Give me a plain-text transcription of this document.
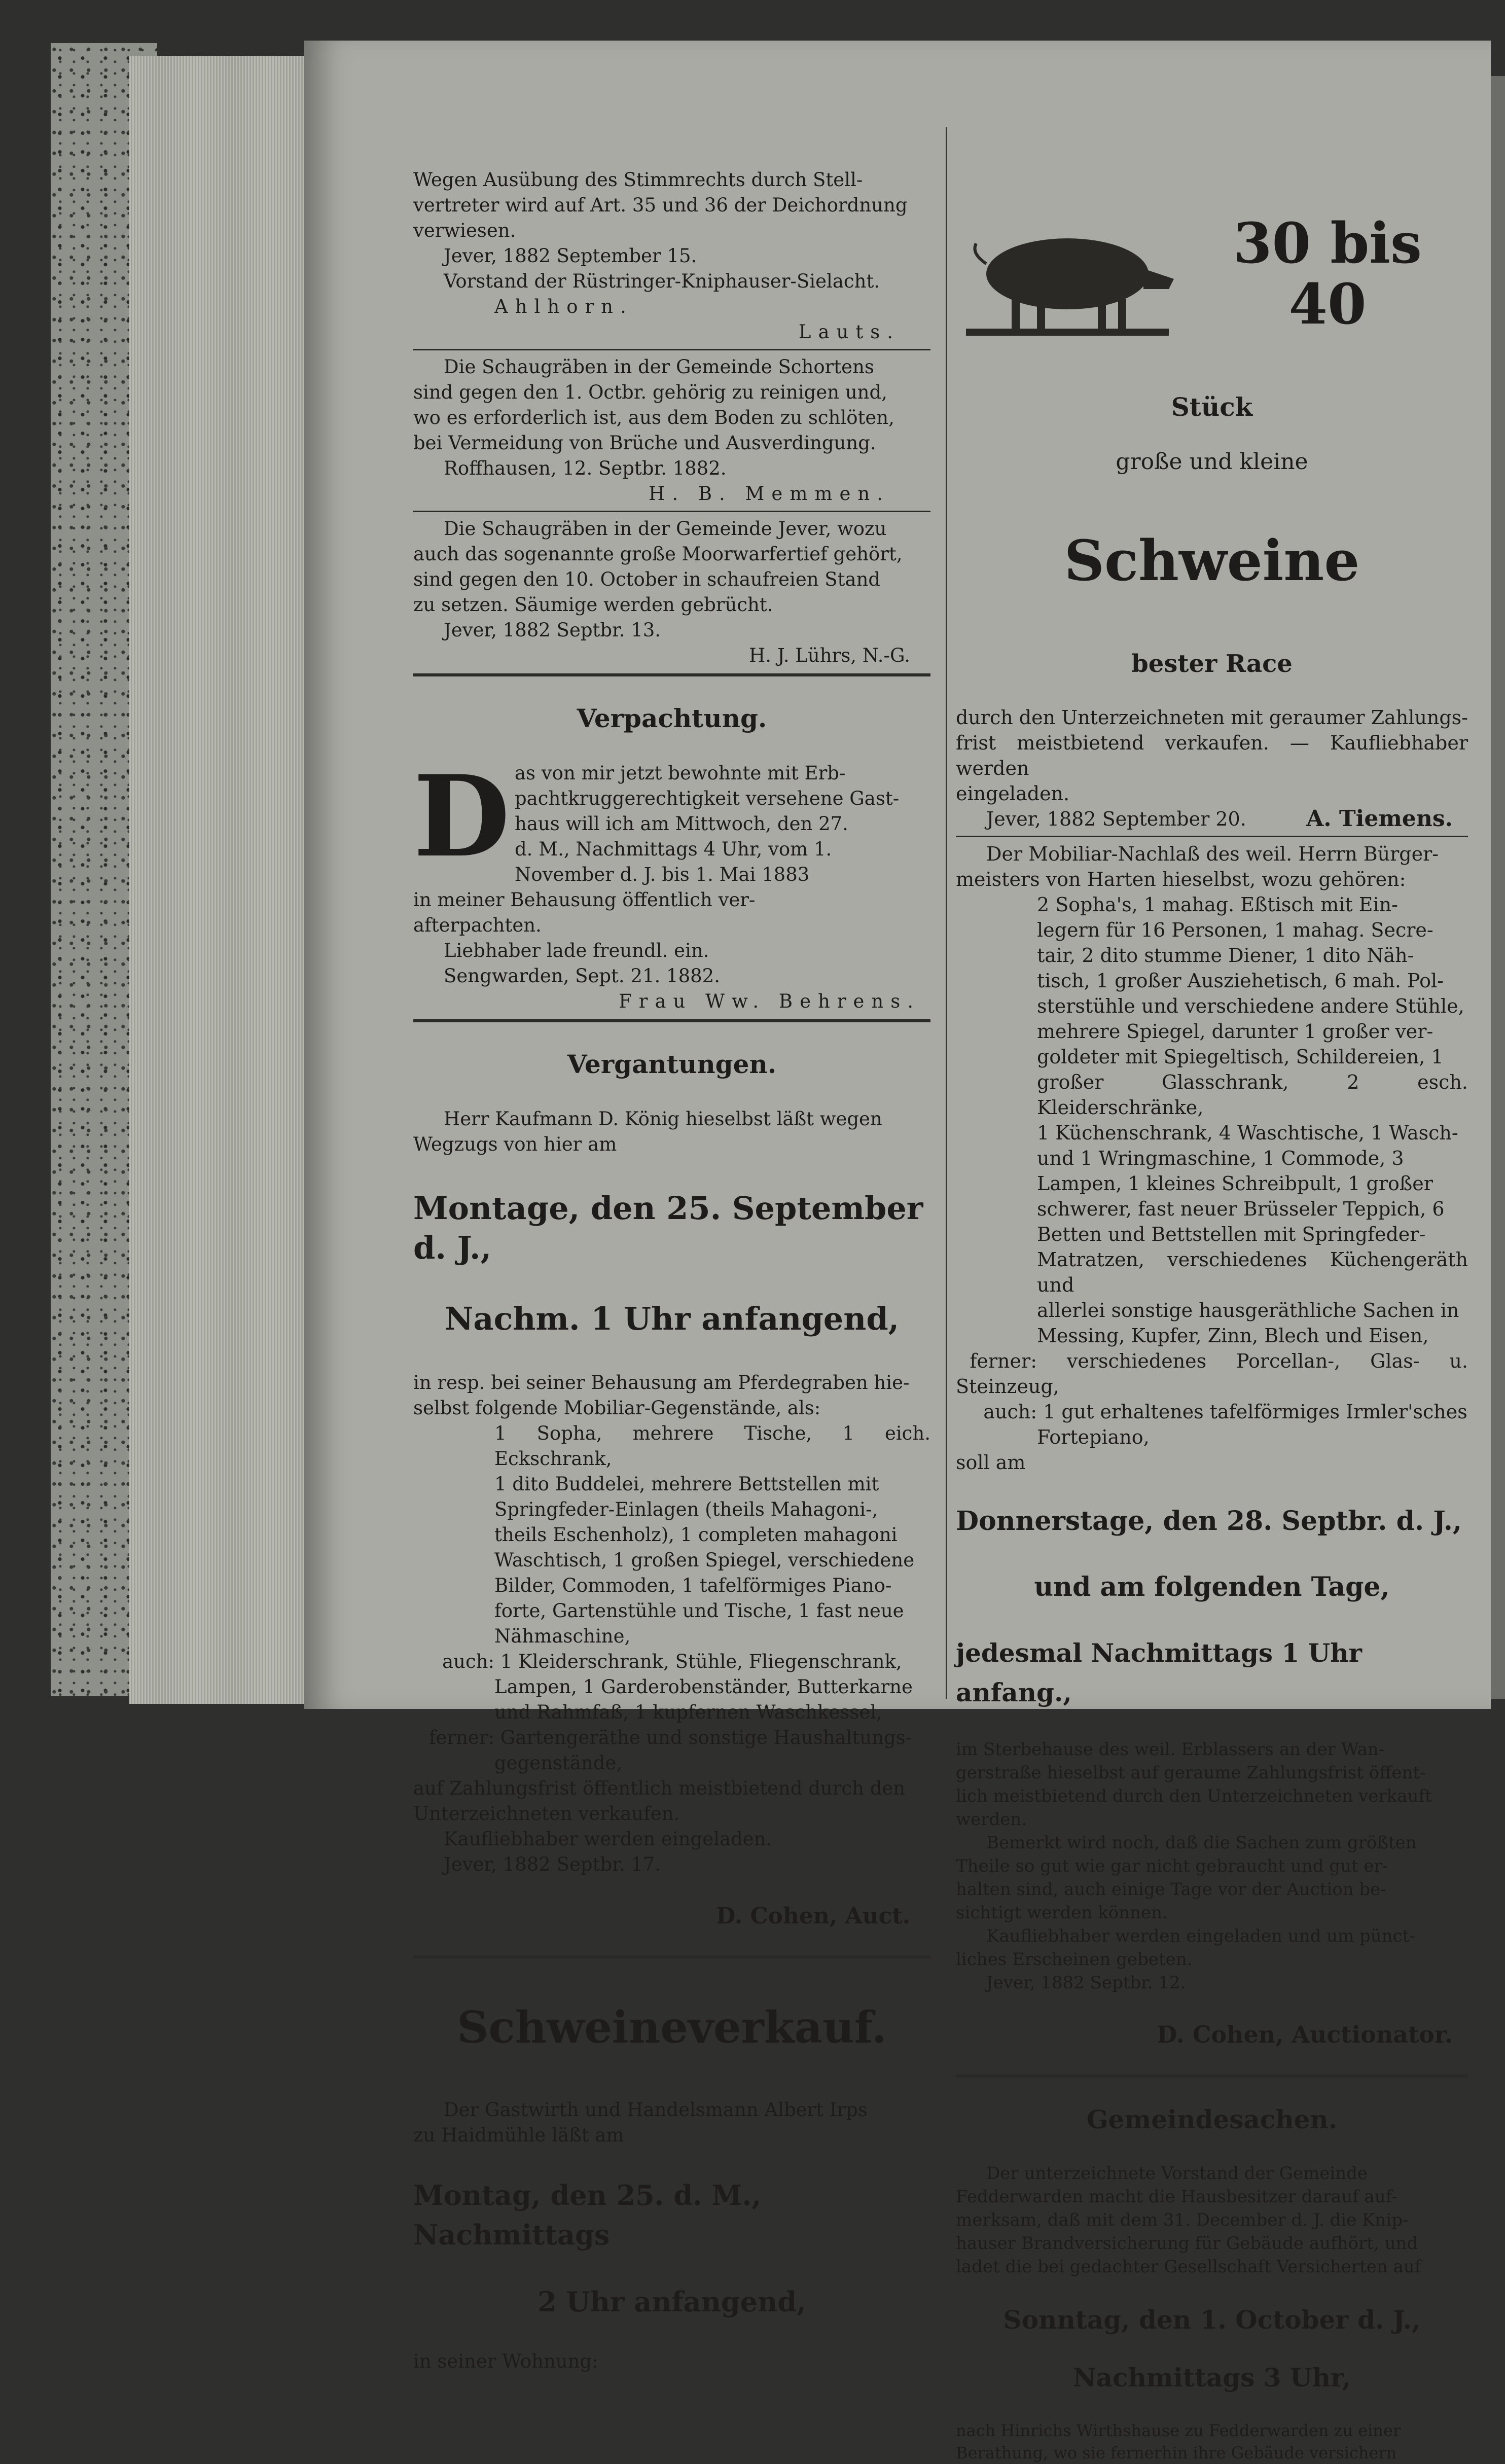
Wegen Ausübung des Stimmrechts durch Stell-

vertreter wird auf Art. 35 und 36 der Deichordnung

verwiesen.

Jever, 1882 September 15.

Vorstand der Rüstringer-Kniphauser-Sielacht.

Ahlhorn.

Lauts.

Die Schaugräben in der Gemeinde Schortens

sind gegen den 1. Octbr. gehörig zu reinigen und,

wo es erforderlich ist, aus dem Boden zu schlöten,

bei Vermeidung von Brüche und Ausverdingung.

Roffhausen, 12. Septbr. 1882.

H. B. Memmen.

Die Schaugräben in der Gemeinde Jever, wozu

auch das sogenannte große Moorwarfertief gehört,

sind gegen den 10. October in schaufreien Stand

zu setzen. Säumige werden gebrücht.

Jever, 1882 Septbr. 13.

H. J. Lührs, N.-G.

Verpachtung.

D as von mir jetzt bewohnte mit Erb-

pachtkruggerechtigkeit versehene Gast-

haus will ich am Mittwoch, den 27.

d. M., Nachmittags 4 Uhr, vom 1.

November d. J. bis 1. Mai 1883

in meiner Behausung öffentlich ver-

afterpachten.

Liebhaber lade freundl. ein.

Sengwarden, Sept. 21. 1882.

Frau Ww. Behrens.

Vergantungen.

Herr Kaufmann D. König hieselbst läßt wegen

Wegzugs von hier am

Montage, den 25. September d. J.,

Nachm. 1 Uhr anfangend,

in resp. bei seiner Behausung am Pferdegraben hie-

selbst folgende Mobiliar-Gegenstände, als:

1 Sopha, mehrere Tische, 1 eich. Eckschrank,

1 dito Buddelei, mehrere Bettstellen mit

Springfeder-Einlagen (theils Mahagoni-,

theils Eschenholz), 1 completen mahagoni

Waschtisch, 1 großen Spiegel, verschiedene

Bilder, Commoden, 1 tafelförmiges Piano-

forte, Gartenstühle und Tische, 1 fast neue

Nähmaschine,

auch: 1 Kleiderschrank, Stühle, Fliegenschrank,

Lampen, 1 Garderobenständer, Butterkarne

und Rahmfaß, 1 kupfernen Waschkessel,

ferner: Gartengeräthe und sonstige Haushaltungs-

gegenstände,

auf Zahlungsfrist öffentlich meistbietend durch den

Unterzeichneten verkaufen.

Kaufliebhaber werden eingeladen.

Jever, 1882 Septbr. 17.

D. Cohen, Auct.

Schweineverkauf.

Der Gastwirth und Handelsmann Albert Irps

zu Haidmühle läßt am

Montag, den 25. d. M., Nachmittags

2 Uhr anfangend,

in seiner Wohnung:

30 bis 40

Stück

große und kleine

Schweine

bester Race

durch den Unterzeichneten mit geraumer Zahlungs-

frist meistbietend verkaufen. — Kaufliebhaber werden

eingeladen.

Jever, 1882 September 20.	A. Tiemens.

Der Mobiliar-Nachlaß des weil. Herrn Bürger-

meisters von Harten hieselbst, wozu gehören:

2 Sopha's, 1 mahag. Eßtisch mit Ein-

legern für 16 Personen, 1 mahag. Secre-

tair, 2 dito stumme Diener, 1 dito Näh-

tisch, 1 großer Ausziehetisch, 6 mah. Pol-

sterstühle und verschiedene andere Stühle,

mehrere Spiegel, darunter 1 großer ver-

goldeter mit Spiegeltisch, Schildereien, 1

großer Glasschrank, 2 esch. Kleiderschränke,

1 Küchenschrank, 4 Waschtische, 1 Wasch-

und 1 Wringmaschine, 1 Commode, 3

Lampen, 1 kleines Schreibpult, 1 großer

schwerer, fast neuer Brüsseler Teppich, 6

Betten und Bettstellen mit Springfeder-

Matratzen, verschiedenes Küchengeräth und

allerlei sonstige hausgeräthliche Sachen in

Messing, Kupfer, Zinn, Blech und Eisen,

ferner: verschiedenes Porcellan-, Glas- u. Steinzeug,

auch: 1 gut erhaltenes tafelförmiges Irmler'sches

Fortepiano,

soll am

Donnerstage, den 28. Septbr. d. J.,

und am folgenden Tage,

jedesmal Nachmittags 1 Uhr anfang.,

im Sterbehause des weil. Erblassers an der Wan-

gerstraße hieselbst auf geraume Zahlungsfrist öffent-

lich meistbietend durch den Unterzeichneten verkauft

werden.

Bemerkt wird noch, daß die Sachen zum größten

Theile so gut wie gar nicht gebraucht und gut er-

halten sind, auch einige Tage vor der Auction be-

sichtigt werden können.

Kaufliebhaber werden eingeladen und um pünct-

liches Erscheinen gebeten.

Jever, 1882 Septbr. 12.

D. Cohen, Auctionator.

Gemeindesachen.

Der unterzeichnete Vorstand der Gemeinde

Fedderwarden macht die Hausbesitzer darauf auf-

merksam, daß mit dem 31. December d. J. die Knip-

hauser Brandversicherung für Gebäude aufhört, und

ladet die bei gedachter Gesellschaft Versicherten auf

Sonntag, den 1. October d. J.,

Nachmittags 3 Uhr,

nach Hinrichs Wirthshause zu Fedderwarden zu einer

Berathung, wo sie fernerhin ihre Gebäude versichern
